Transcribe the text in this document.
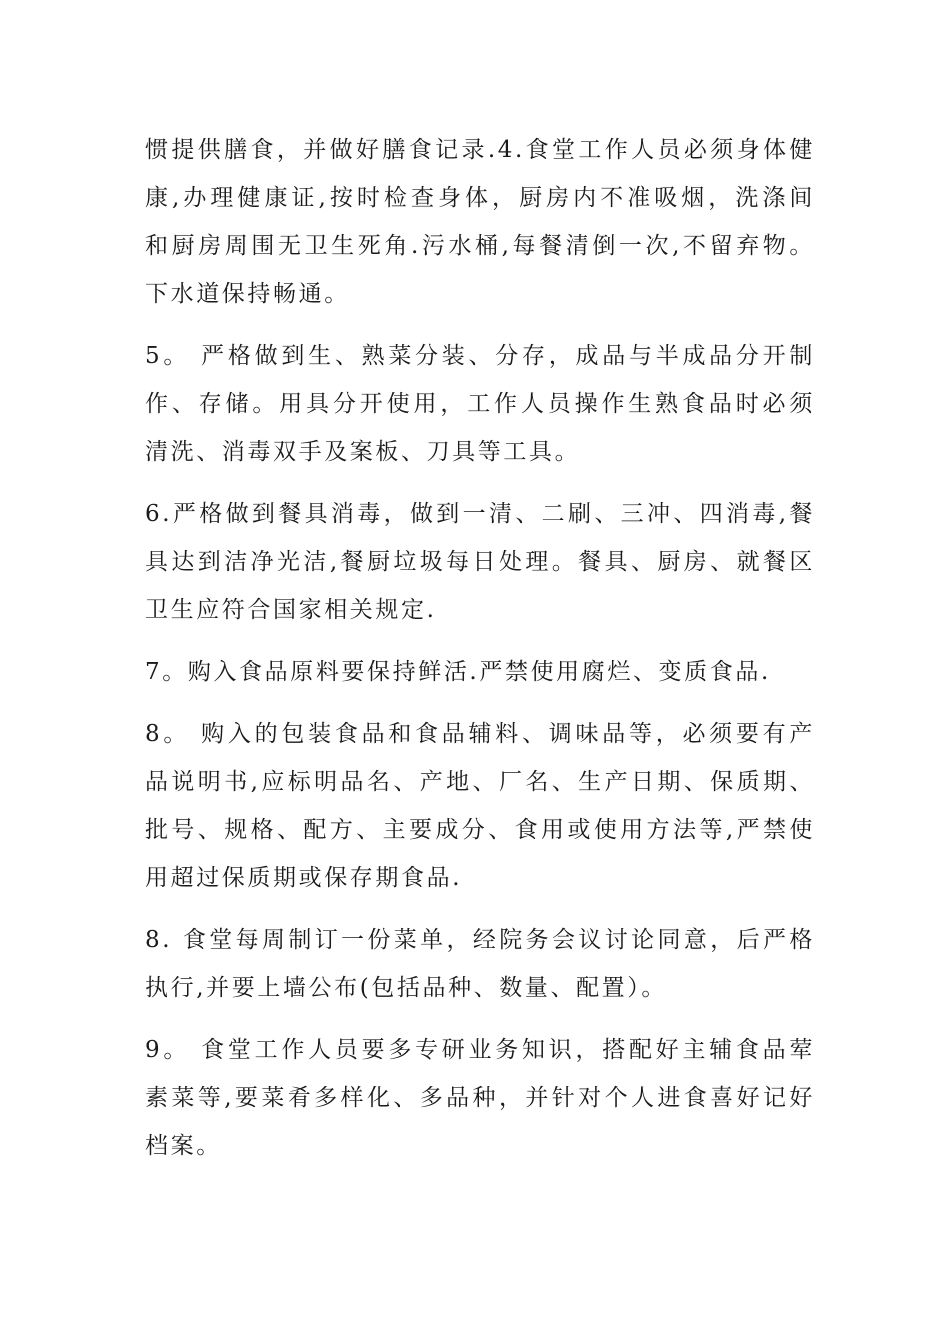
惯提供膳食，并做好膳食记录.4.食堂工作人员必须身体健
康,办理健康证,按时检查身体，厨房内不准吸烟，洗涤间
和厨房周围无卫生死角.污水桶,每餐清倒一次,不留弃物。
下水道保持畅通。
5。 严格做到生、熟菜分装、分存，成品与半成品分开制
作、存储。用具分开使用，工作人员操作生熟食品时必须
清洗、消毒双手及案板、刀具等工具。
6.严格做到餐具消毒，做到一清、二刷、三冲、四消毒,餐
具达到洁净光洁,餐厨垃圾每日处理。餐具、厨房、就餐区
卫生应符合国家相关规定.
7。购入食品原料要保持鲜活.严禁使用腐烂、变质食品.
8。 购入的包装食品和食品辅料、调味品等，必须要有产
品说明书,应标明品名、产地、厂名、生产日期、保质期、
批号、规格、配方、主要成分、食用或使用方法等,严禁使
用超过保质期或保存期食品.
8. 食堂每周制订一份菜单，经院务会议讨论同意，后严格
执行,并要上墙公布(包括品种、数量、配置）。
9。 食堂工作人员要多专研业务知识，搭配好主辅食品荤
素菜等,要菜肴多样化、多品种，并针对个人进食喜好记好
档案。
